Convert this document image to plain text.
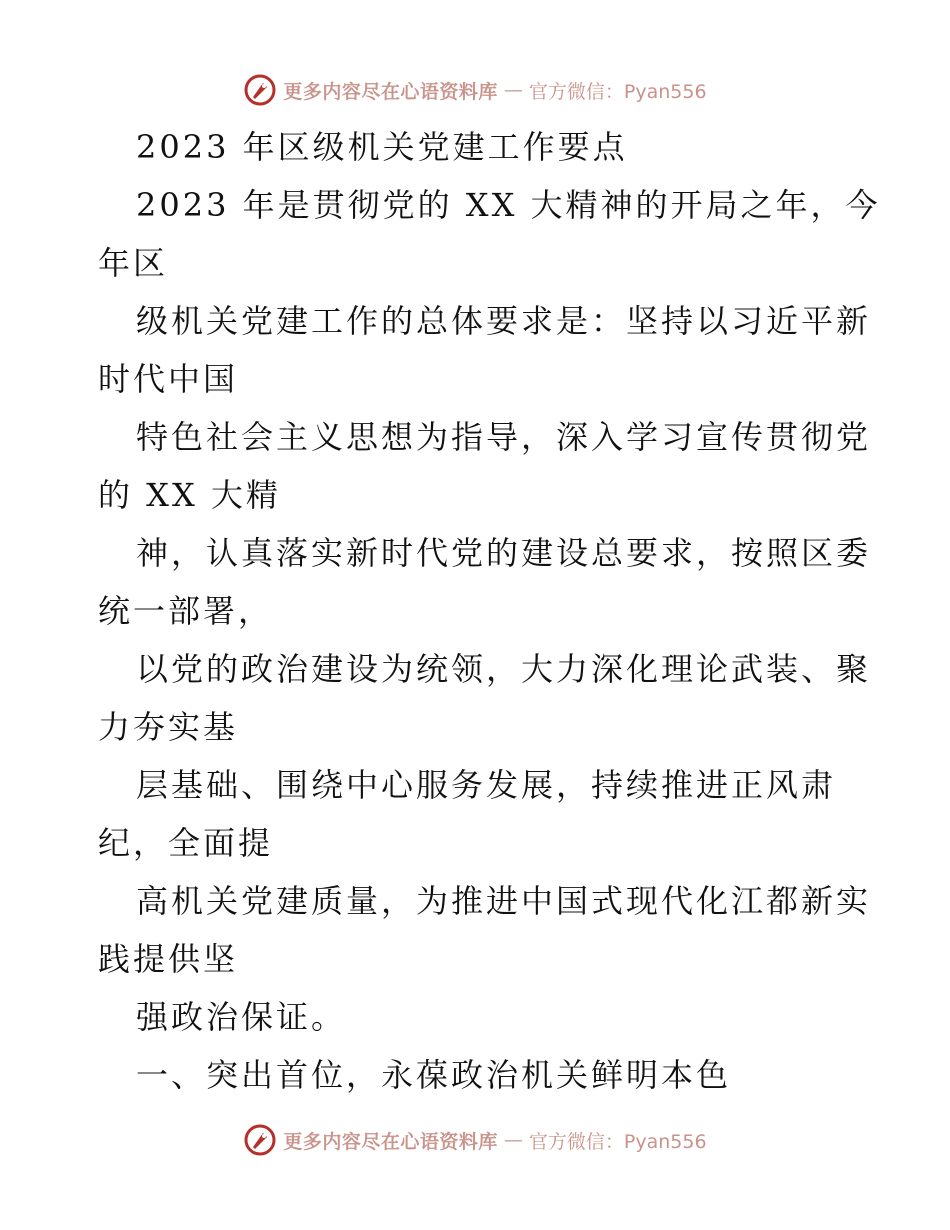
更多内容尽在心语资料库 — 官方微信：Pyan556
2023 年区级机关党建工作要点
2023 年是贯彻党的 XX 大精神的开局之年，今
年区
级机关党建工作的总体要求是：坚持以习近平新
时代中国
特色社会主义思想为指导，深入学习宣传贯彻党
的 XX 大精
神，认真落实新时代党的建设总要求，按照区委
统一部署，
以党的政治建设为统领，大力深化理论武装、聚
力夯实基
层基础、围绕中心服务发展，持续推进正风肃
纪，全面提
高机关党建质量，为推进中国式现代化江都新实
践提供坚
强政治保证。
一、突出首位，永葆政治机关鲜明本色
更多内容尽在心语资料库 — 官方微信：Pyan556
